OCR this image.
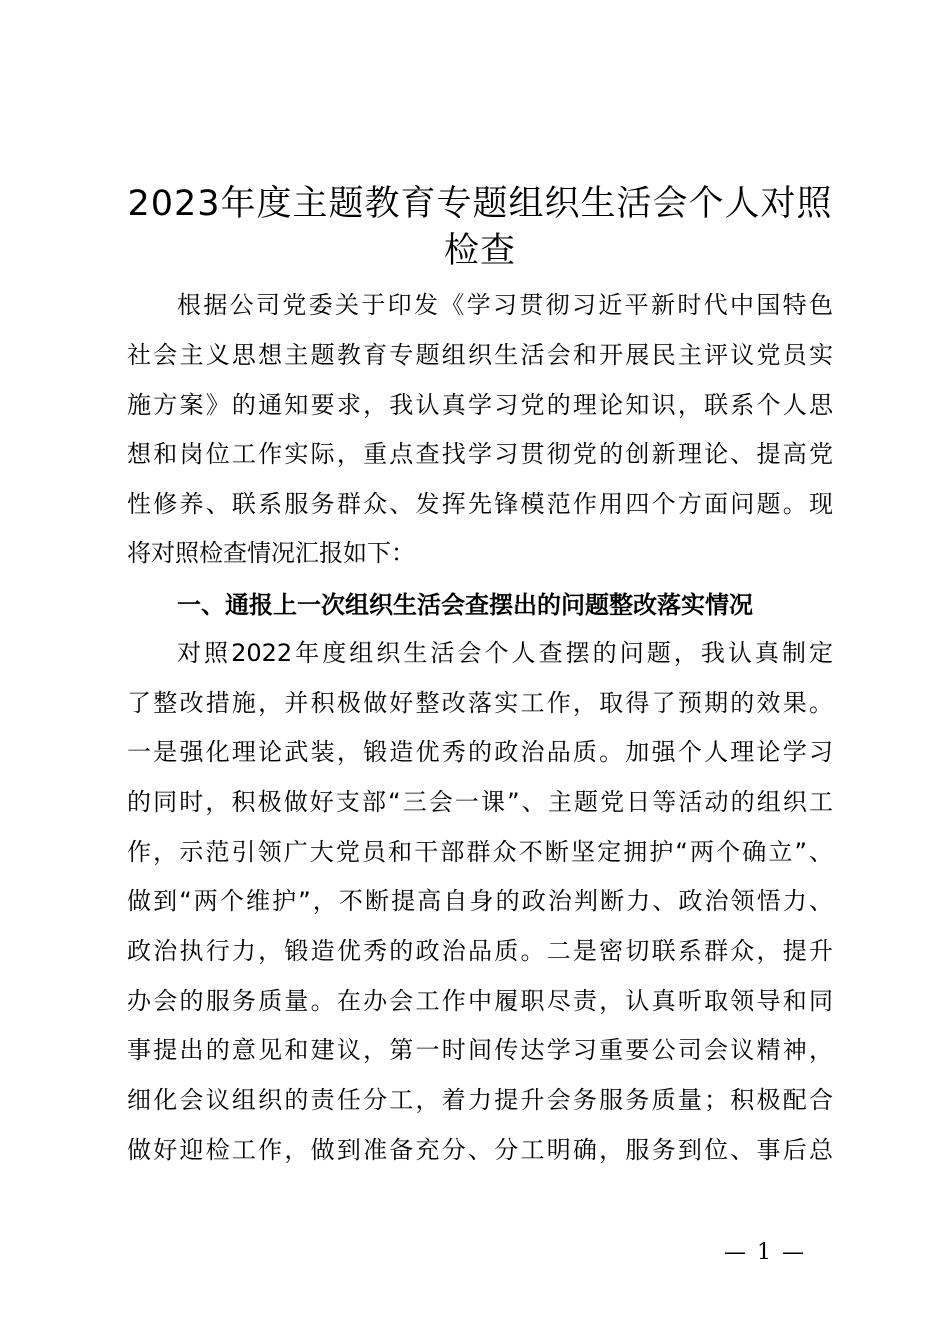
2023年度主题教育专题组织生活会个人对照
检查
根据公司党委关于印发《学习贯彻习近平新时代中国特色
社会主义思想主题教育专题组织生活会和开展民主评议党员实
施方案》的通知要求，我认真学习党的理论知识，联系个人思
想和岗位工作实际，重点查找学习贯彻党的创新理论、提高党
性修养、联系服务群众、发挥先锋模范作用四个方面问题。现
将对照检查情况汇报如下：
一、通报上一次组织生活会查摆出的问题整改落实情况
对照2022年度组织生活会个人查摆的问题，我认真制定
了整改措施，并积极做好整改落实工作，取得了预期的效果。
一是强化理论武装，锻造优秀的政治品质。加强个人理论学习
的同时，积极做好支部“三会一课”、主题党日等活动的组织工
作，示范引领广大党员和干部群众不断坚定拥护“两个确立”、
做到“两个维护”，不断提高自身的政治判断力、政治领悟力、
政治执行力，锻造优秀的政治品质。二是密切联系群众，提升
办会的服务质量。在办会工作中履职尽责，认真听取领导和同
事提出的意见和建议，第一时间传达学习重要公司会议精神，
细化会议组织的责任分工，着力提升会务服务质量；积极配合
做好迎检工作，做到准备充分、分工明确，服务到位、事后总
— 1 —
